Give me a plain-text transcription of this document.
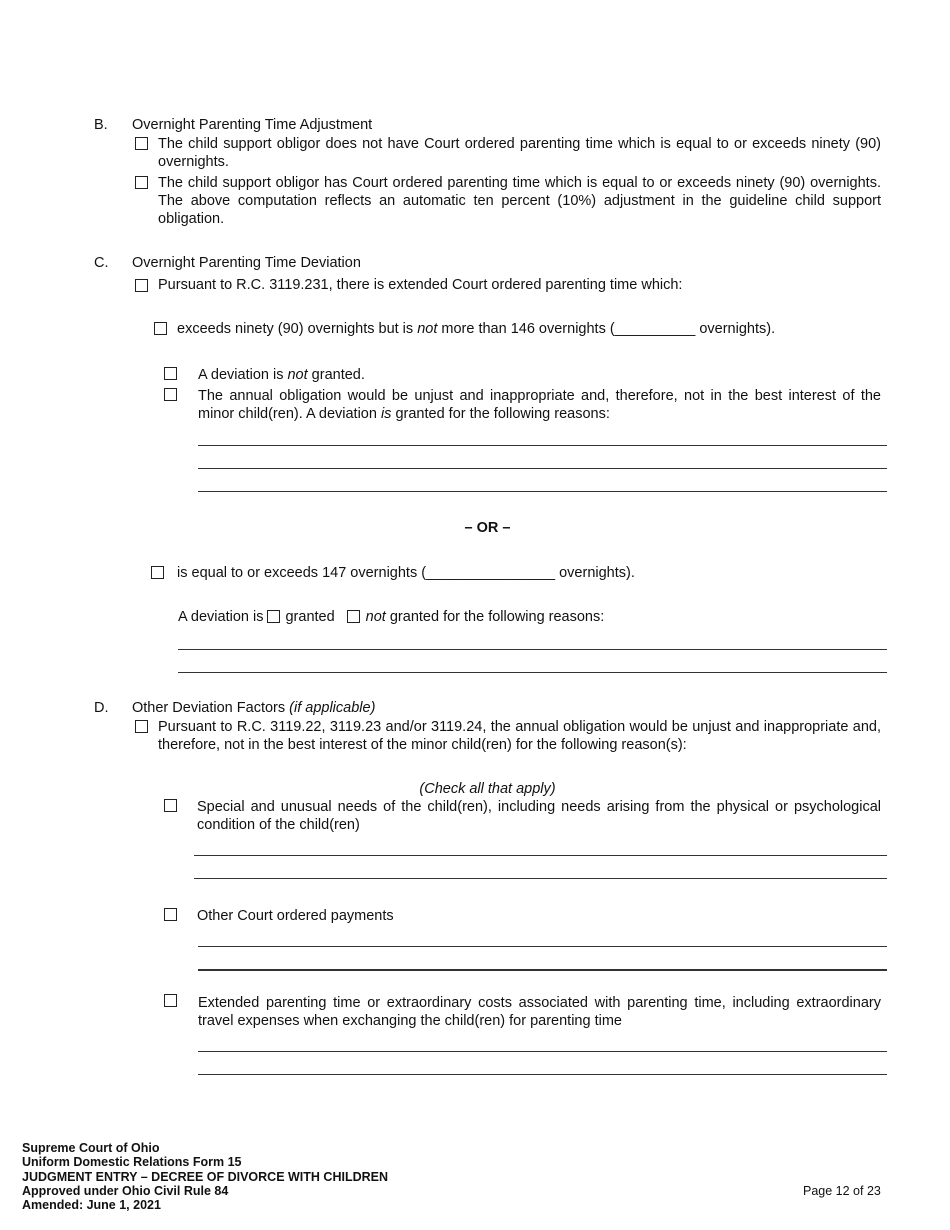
B. Overnight Parenting Time Adjustment
The child support obligor does not have Court ordered parenting time which is equal to or exceeds ninety (90) overnights.
The child support obligor has Court ordered parenting time which is equal to or exceeds ninety (90) overnights. The above computation reflects an automatic ten percent (10%) adjustment in the guideline child support obligation.
C. Overnight Parenting Time Deviation
Pursuant to R.C. 3119.231, there is extended Court ordered parenting time which:
exceeds ninety (90) overnights but is not more than 146 overnights (__________ overnights).
A deviation is not granted.
The annual obligation would be unjust and inappropriate and, therefore, not in the best interest of the minor child(ren). A deviation is granted for the following reasons:
– OR –
is equal to or exceeds 147 overnights (________________ overnights).
A deviation is granted not granted for the following reasons:
D. Other Deviation Factors (if applicable)
Pursuant to R.C. 3119.22, 3119.23 and/or 3119.24, the annual obligation would be unjust and inappropriate and, therefore, not in the best interest of the minor child(ren) for the following reason(s):
(Check all that apply)
Special and unusual needs of the child(ren), including needs arising from the physical or psychological condition of the child(ren)
Other Court ordered payments
Extended parenting time or extraordinary costs associated with parenting time, including extraordinary travel expenses when exchanging the child(ren) for parenting time
Supreme Court of Ohio
Uniform Domestic Relations Form 15
JUDGMENT ENTRY – DECREE OF DIVORCE WITH CHILDREN
Approved under Ohio Civil Rule 84
Amended: June 1, 2021
Page 12 of 23
